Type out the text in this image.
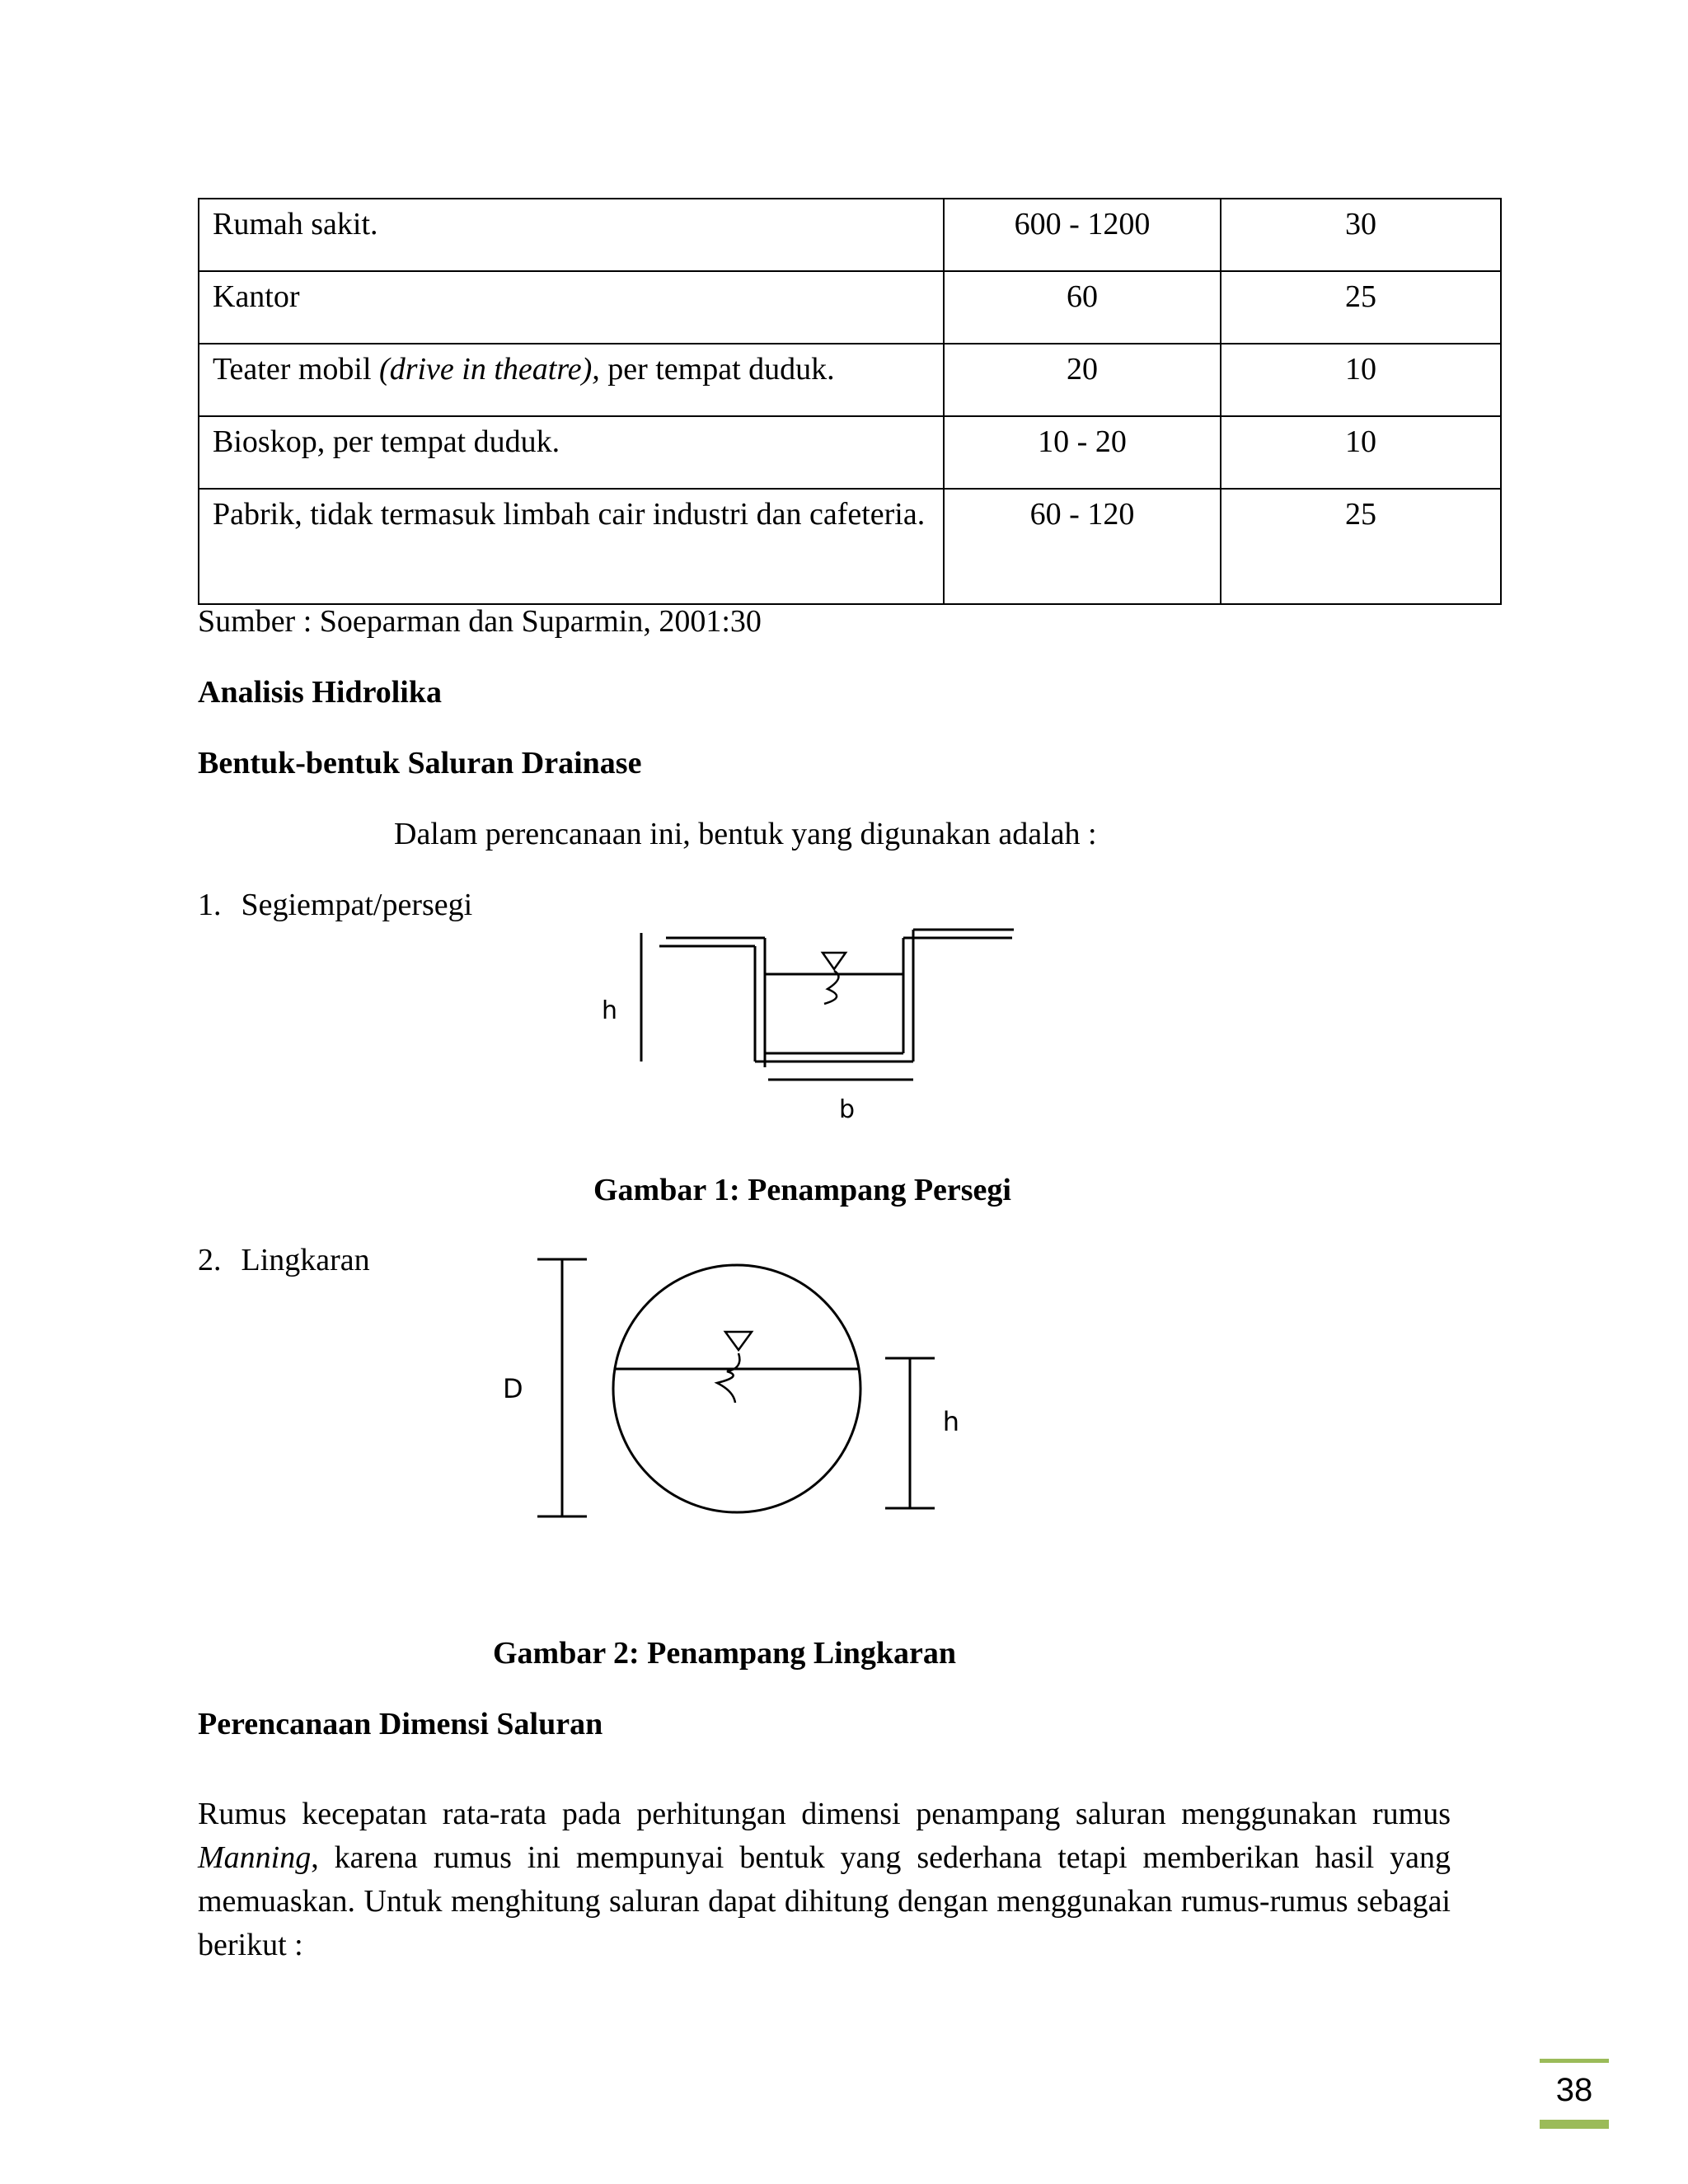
Rumah sakit.	600 - 1200	30
Kantor	60	25
Teater mobil (drive in theatre), per tempat duduk.	20	10
Bioskop, per tempat duduk.	10 - 20	10
Pabrik, tidak termasuk limbah cair industri dan cafeteria.	60 - 120	25
Sumber : Soeparman dan Suparmin, 2001:30
Analisis Hidrolika
Bentuk-bentuk Saluran Drainase
Dalam perencanaan ini, bentuk yang digunakan adalah :
1. Segiempat/persegi
h
b
Gambar 1: Penampang Persegi
2. Lingkaran
D
h
Gambar 2: Penampang Lingkaran
Perencanaan Dimensi Saluran
Rumus kecepatan rata-rata pada perhitungan dimensi penampang saluran menggunakan rumus Manning, karena rumus ini mempunyai bentuk yang sederhana tetapi memberikan hasil yang memuaskan. Untuk menghitung saluran dapat dihitung dengan menggunakan rumus-rumus sebagai berikut :
38
